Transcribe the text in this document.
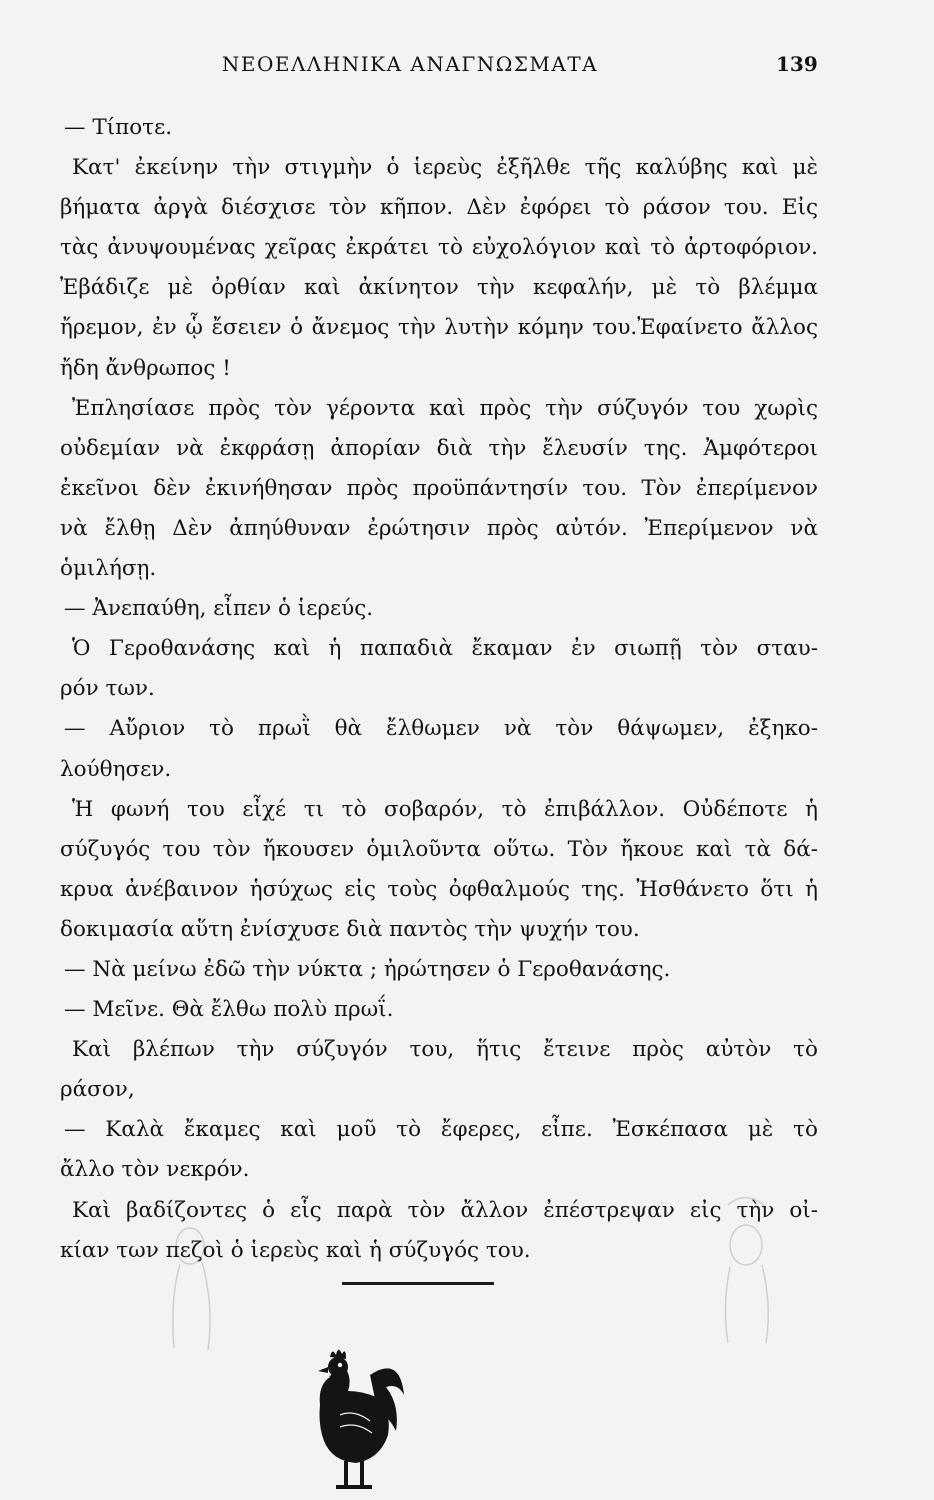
ΝΕΟΕΛΛΗΝΙΚΑ ΑΝΑΓΝΩΣΜΑΤΑ	139
— Τίποτε.
Κατ' ἐκείνην τὴν στιγμὴν ὁ ἱερεὺς ἐξῆλθε τῆς καλύβης καὶ μὲ
βήματα ἀργὰ διέσχισε τὸν κῆπον. Δὲν ἐφόρει τὸ ράσον του. Εἰς
τὰς ἀνυψουμένας χεῖρας ἐκράτει τὸ εὐχολόγιον καὶ τὸ ἀρτοφόριον.
Ἐβάδιζε μὲ ὀρθίαν καὶ ἀκίνητον τὴν κεφαλήν, μὲ τὸ βλέμμα
ἤρεμον, ἐν ᾧ ἔσειεν ὁ ἄνεμος τὴν λυτὴν κόμην του.Ἐφαίνετο ἄλλος
ἤδη ἄνθρωπος !
Ἐπλησίασε πρὸς τὸν γέροντα καὶ πρὸς τὴν σύζυγόν του χωρὶς
οὐδεμίαν νὰ ἐκφράσῃ ἀπορίαν διὰ τὴν ἔλευσίν της. Ἀμφότεροι
ἐκεῖνοι δὲν ἐκινήθησαν πρὸς προϋπάντησίν του. Τὸν ἐπερίμενον
νὰ ἔλθῃ Δὲν ἀπηύθυναν ἐρώτησιν πρὸς αὐτόν. Ἐπερίμενον νὰ
ὁμιλήσῃ.
— Ἀνεπαύθη, εἶπεν ὁ ἱερεύς.
Ὁ Γεροθανάσης καὶ ἡ παπαδιὰ ἔκαμαν ἐν σιωπῇ τὸν σταυ-
ρόν των.
— Αὔριον τὸ πρωῒ θὰ ἔλθωμεν νὰ τὸν θάψωμεν, ἐξηκο-
λούθησεν.
Ἡ φωνή του εἶχέ τι τὸ σοβαρόν, τὸ ἐπιβάλλον. Οὐδέποτε ἡ
σύζυγός του τὸν ἤκουσεν ὁμιλοῦντα οὕτω. Τὸν ἤκουε καὶ τὰ δά-
κρυα ἀνέβαινον ἡσύχως εἰς τοὺς ὀφθαλμούς της. Ἠσθάνετο ὅτι ἡ
δοκιμασία αὕτη ἐνίσχυσε διὰ παντὸς τὴν ψυχήν του.
— Νὰ μείνω ἐδῶ τὴν νύκτα ; ἠρώτησεν ὁ Γεροθανάσης.
— Μεῖνε. Θὰ ἔλθω πολὺ πρωΐ.
Καὶ βλέπων τὴν σύζυγόν του, ἥτις ἔτεινε πρὸς αὐτὸν τὸ
ράσον,
— Καλὰ ἔκαμες καὶ μοῦ τὸ ἔφερες, εἶπε. Ἐσκέπασα μὲ τὸ
ἄλλο τὸν νεκρόν.
Καὶ βαδίζοντες ὁ εἷς παρὰ τὸν ἄλλον ἐπέστρεψαν εἰς τὴν οἰ-
κίαν των πεζοὶ ὁ ἱερεὺς καὶ ἡ σύζυγός του.
